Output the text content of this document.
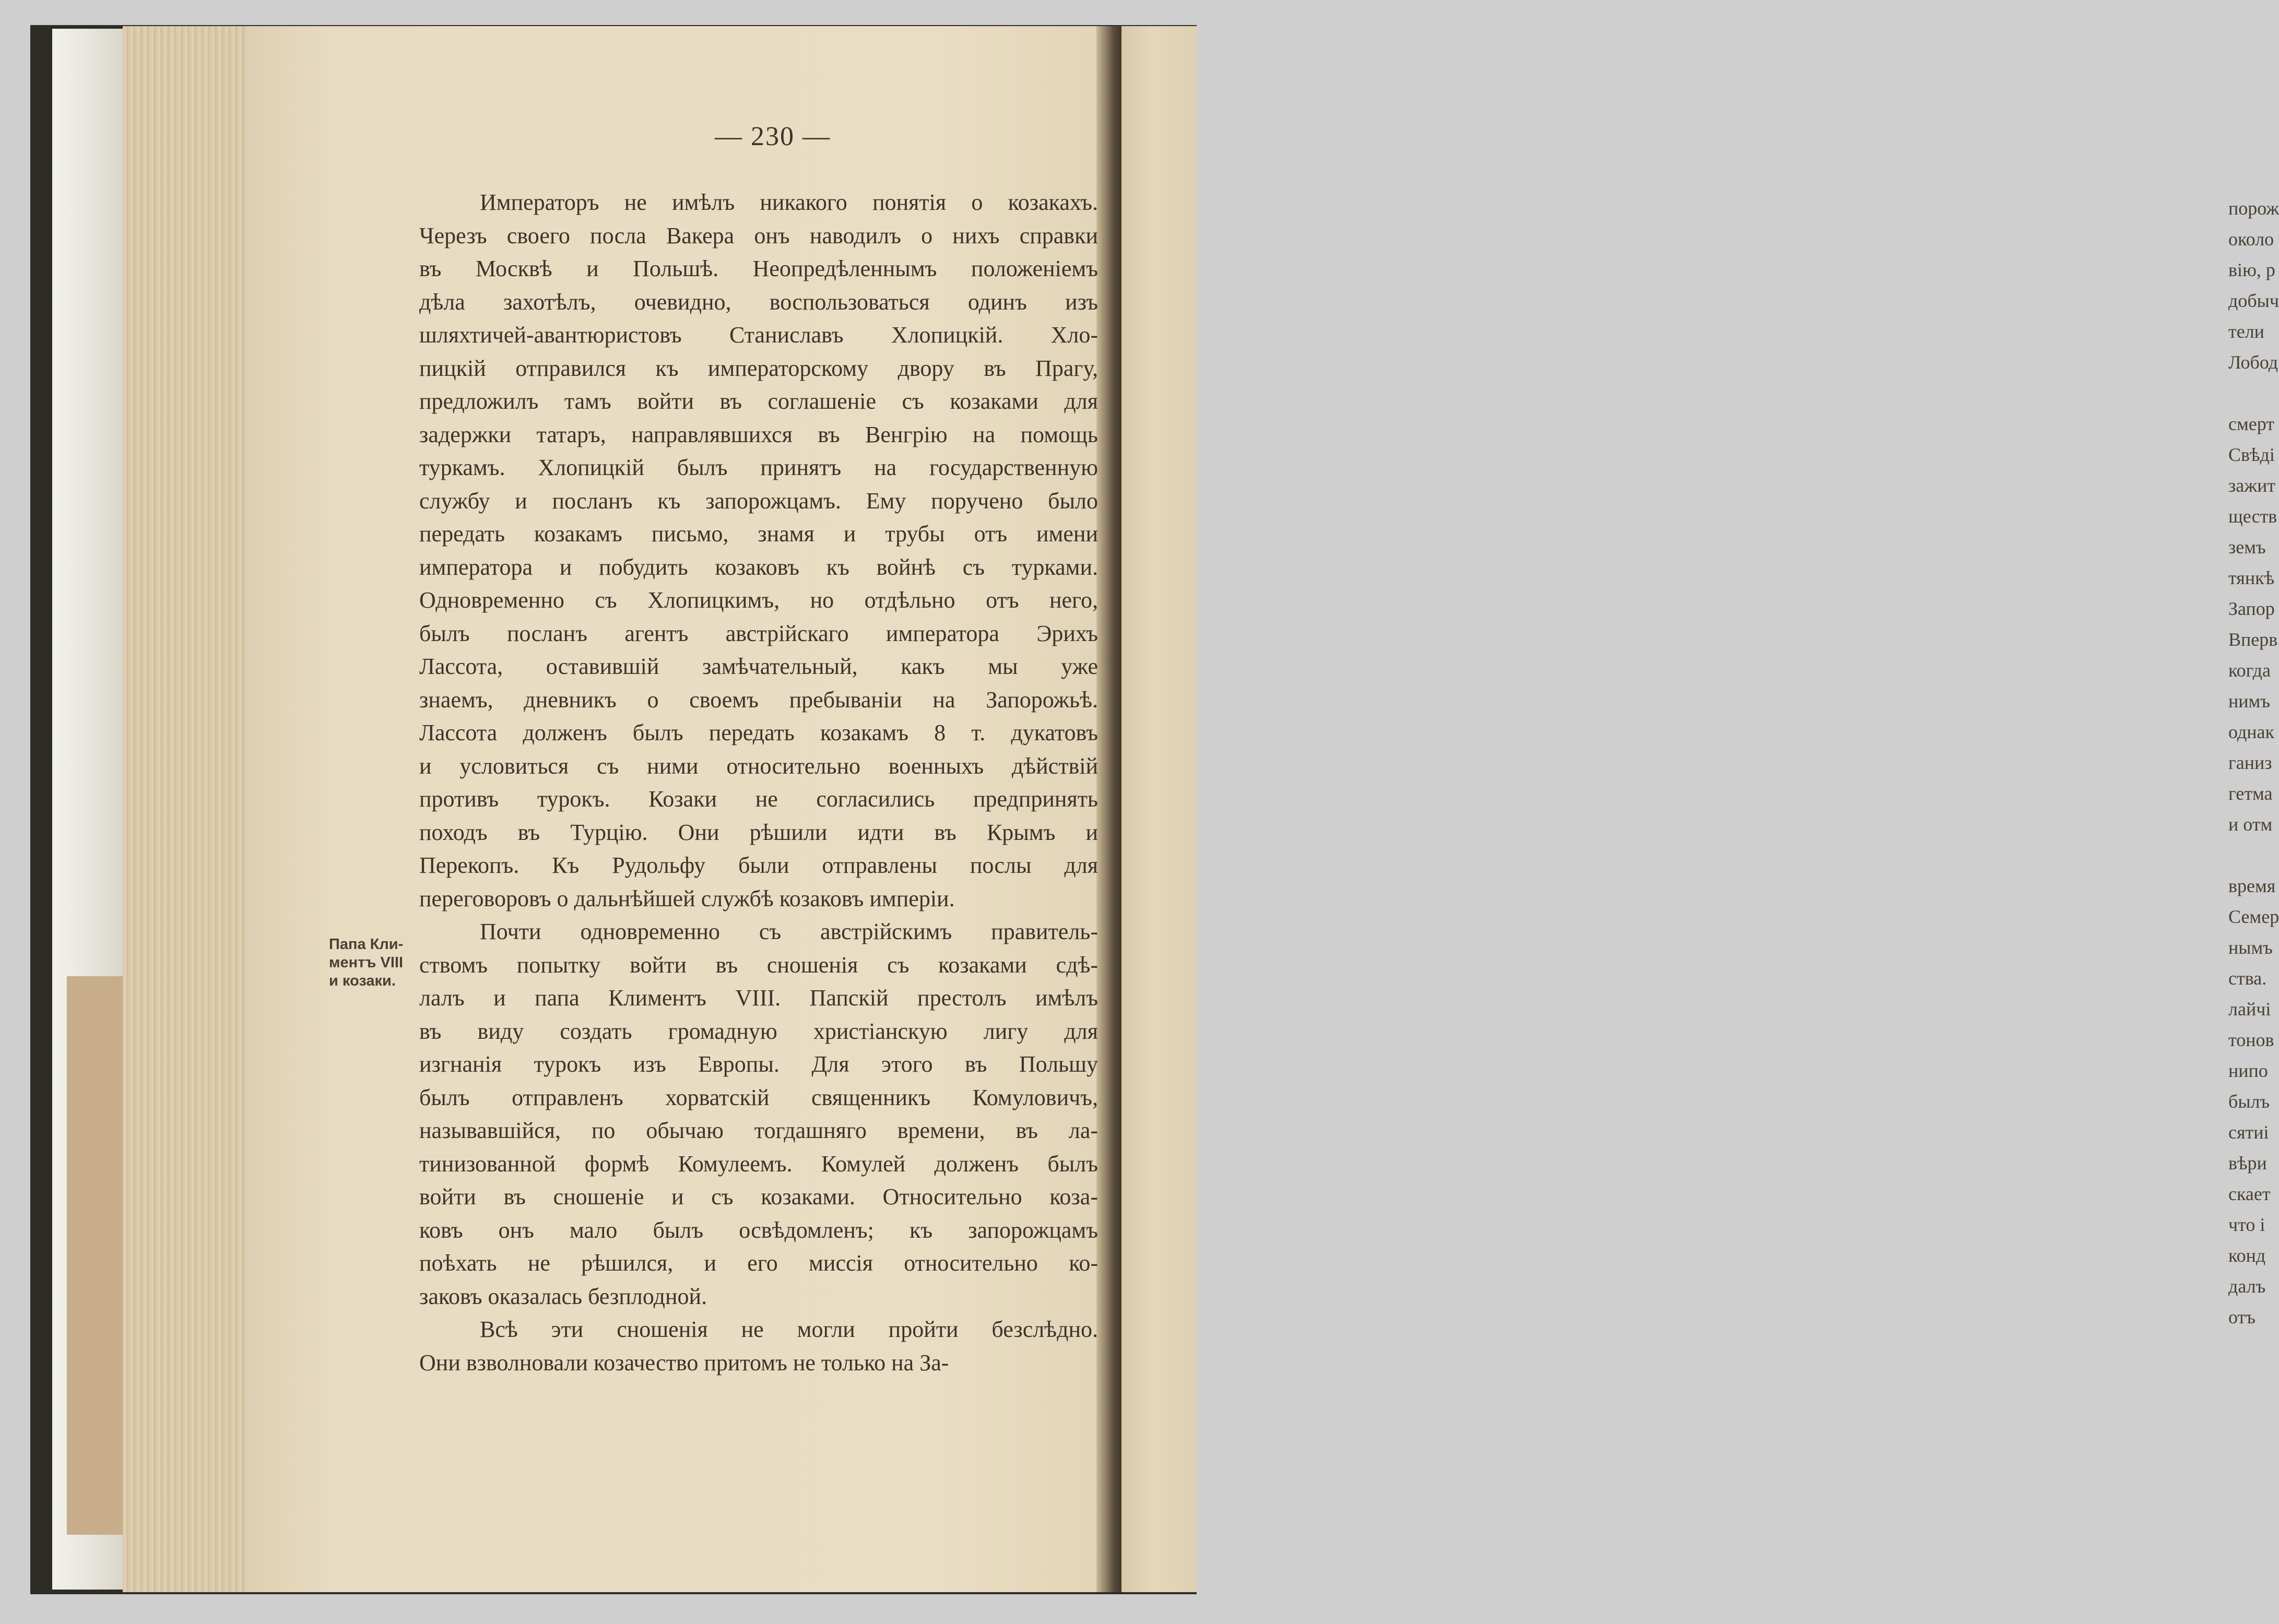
порож
около
вію, р
добыч
тели
Лобод
смерт
Свѣді
зажит
ществ
земъ
тянкѣ
Запор
Вперв
когда
нимъ
однак
ганиз
гетма
и отм
время
Семер
нымъ
ства.
лайчі
тонов
нипо
былъ
сятиі
вѣри
скает
что і
конд
далъ
отъ
— 230 —
Императоръ не имѣлъ никакого понятія о козакахъ.
Черезъ своего посла Вакера онъ наводилъ о нихъ справки
въ Москвѣ и Польшѣ. Неопредѣленнымъ положеніемъ
дѣла захотѣлъ, очевидно, воспользоваться одинъ изъ
шляхтичей-авантюристовъ Станиславъ Хлопицкій. Хло-
пицкій отправился къ императорскому двору въ Прагу,
предложилъ тамъ войти въ соглашеніе съ козаками для
задержки татаръ, направлявшихся въ Венгрію на помощь
туркамъ. Хлопицкій былъ принятъ на государственную
службу и посланъ къ запорожцамъ. Ему поручено было
передать козакамъ письмо, знамя и трубы отъ имени
императора и побудить козаковъ къ войнѣ съ турками.
Одновременно съ Хлопицкимъ, но отдѣльно отъ него,
былъ посланъ агентъ австрійскаго императора Эрихъ
Лассота, оставившій замѣчательный, какъ мы уже
знаемъ, дневникъ о своемъ пребываніи на Запорожьѣ.
Лассота долженъ былъ передать козакамъ 8 т. дукатовъ
и условиться съ ними относительно военныхъ дѣйствій
противъ турокъ. Козаки не согласились предпринять
походъ въ Турцію. Они рѣшили идти въ Крымъ и
Перекопъ. Къ Рудольфу были отправлены послы для
переговоровъ о дальнѣйшей службѣ козаковъ имперіи.
Почти одновременно съ австрійскимъ правитель-
ствомъ попытку войти въ сношенія съ козаками сдѣ-
лалъ и папа Климентъ VIII. Папскій престолъ имѣлъ
въ виду создать громадную христіанскую лигу для
изгнанія турокъ изъ Европы. Для этого въ Польшу
былъ отправленъ хорватскій священникъ Комуловичъ,
называвшійся, по обычаю тогдашняго времени, въ ла-
тинизованной формѣ Комулеемъ. Комулей долженъ былъ
войти въ сношеніе и съ козаками. Относительно коза-
ковъ онъ мало былъ освѣдомленъ; къ запорожцамъ
поѣхать не рѣшился, и его миссія относительно ко-
заковъ оказалась безплодной.
Всѣ эти сношенія не могли пройти безслѣдно.
Они взволновали козачество притомъ не только на За-
Папа Кли-
ментъ VIII
и козаки.
